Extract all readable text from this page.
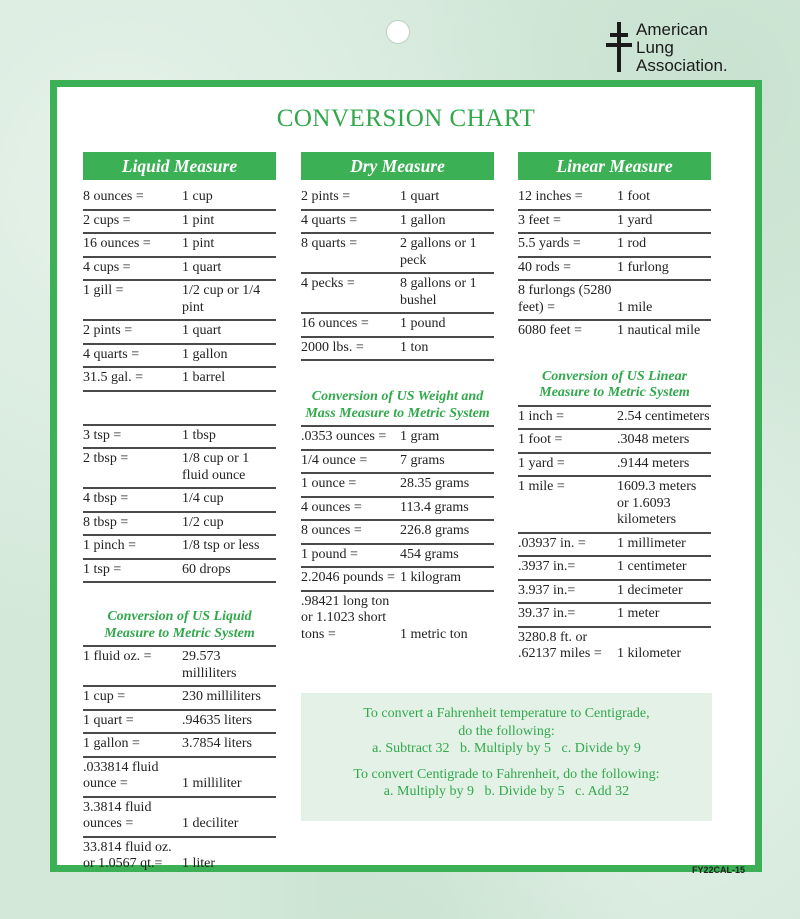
American
Lung
Association.
CONVERSION CHART
Liquid Measure
8 ounces =	1 cup
2 cups =	1 pint
16 ounces =	1 pint
4 cups =	1 quart
1 gill =	1/2 cup or 1/4 pint
2 pints =	1 quart
4 quarts =	1 gallon
31.5 gal. =	1 barrel
3 tsp =	1 tbsp
2 tbsp =	1/8 cup or 1 fluid ounce
4 tbsp =	1/4 cup
8 tbsp =	1/2 cup
1 pinch =	1/8 tsp or less
1 tsp =	60 drops
Conversion of US Liquid Measure to Metric System
1 fluid oz. =	29.573 milliliters
1 cup =	230 milliliters
1 quart =	.94635 liters
1 gallon =	3.7854 liters
.033814 fluid ounce =	1 milliliter
3.3814 fluid ounces =	1 deciliter
33.814 fluid oz. or 1.0567 qt.=	1 liter
Dry Measure
2 pints =	1 quart
4 quarts =	1 gallon
8 quarts =	2 gallons or 1 peck
4 pecks =	8 gallons or 1 bushel
16 ounces =	1 pound
2000 lbs. =	1 ton
Conversion of US Weight and Mass Measure to Metric System
.0353 ounces = 1 gram
1/4 ounce =	7 grams
1 ounce =	28.35 grams
4 ounces =	113.4 grams
8 ounces =	226.8 grams
1 pound =	454 grams
2.2046 pounds = 1 kilogram
.98421 long ton or 1.1023 short tons =	1 metric ton
Linear Measure
12 inches =	1 foot
3 feet =	1 yard
5.5 yards =	1 rod
40 rods =	1 furlong
8 furlongs (5280 feet) =	1 mile
6080 feet =	1 nautical mile
Conversion of US Linear Measure to Metric System
1 inch =	2.54 centimeters
1 foot =	.3048 meters
1 yard =	.9144 meters
1 mile =	1609.3 meters or 1.6093 kilometers
.03937 in. =	1 millimeter
.3937 in.=	1 centimeter
3.937 in.=	1 decimeter
39.37 in.=	1 meter
3280.8 ft. or .62137 miles =	1 kilometer
To convert a Fahrenheit temperature to Centigrade,
do the following:
a. Subtract 32   b. Multiply by 5   c. Divide by 9
To convert Centigrade to Fahrenheit, do the following:
a. Multiply by 9   b. Divide by 5   c. Add 32
FY22CAL-15
